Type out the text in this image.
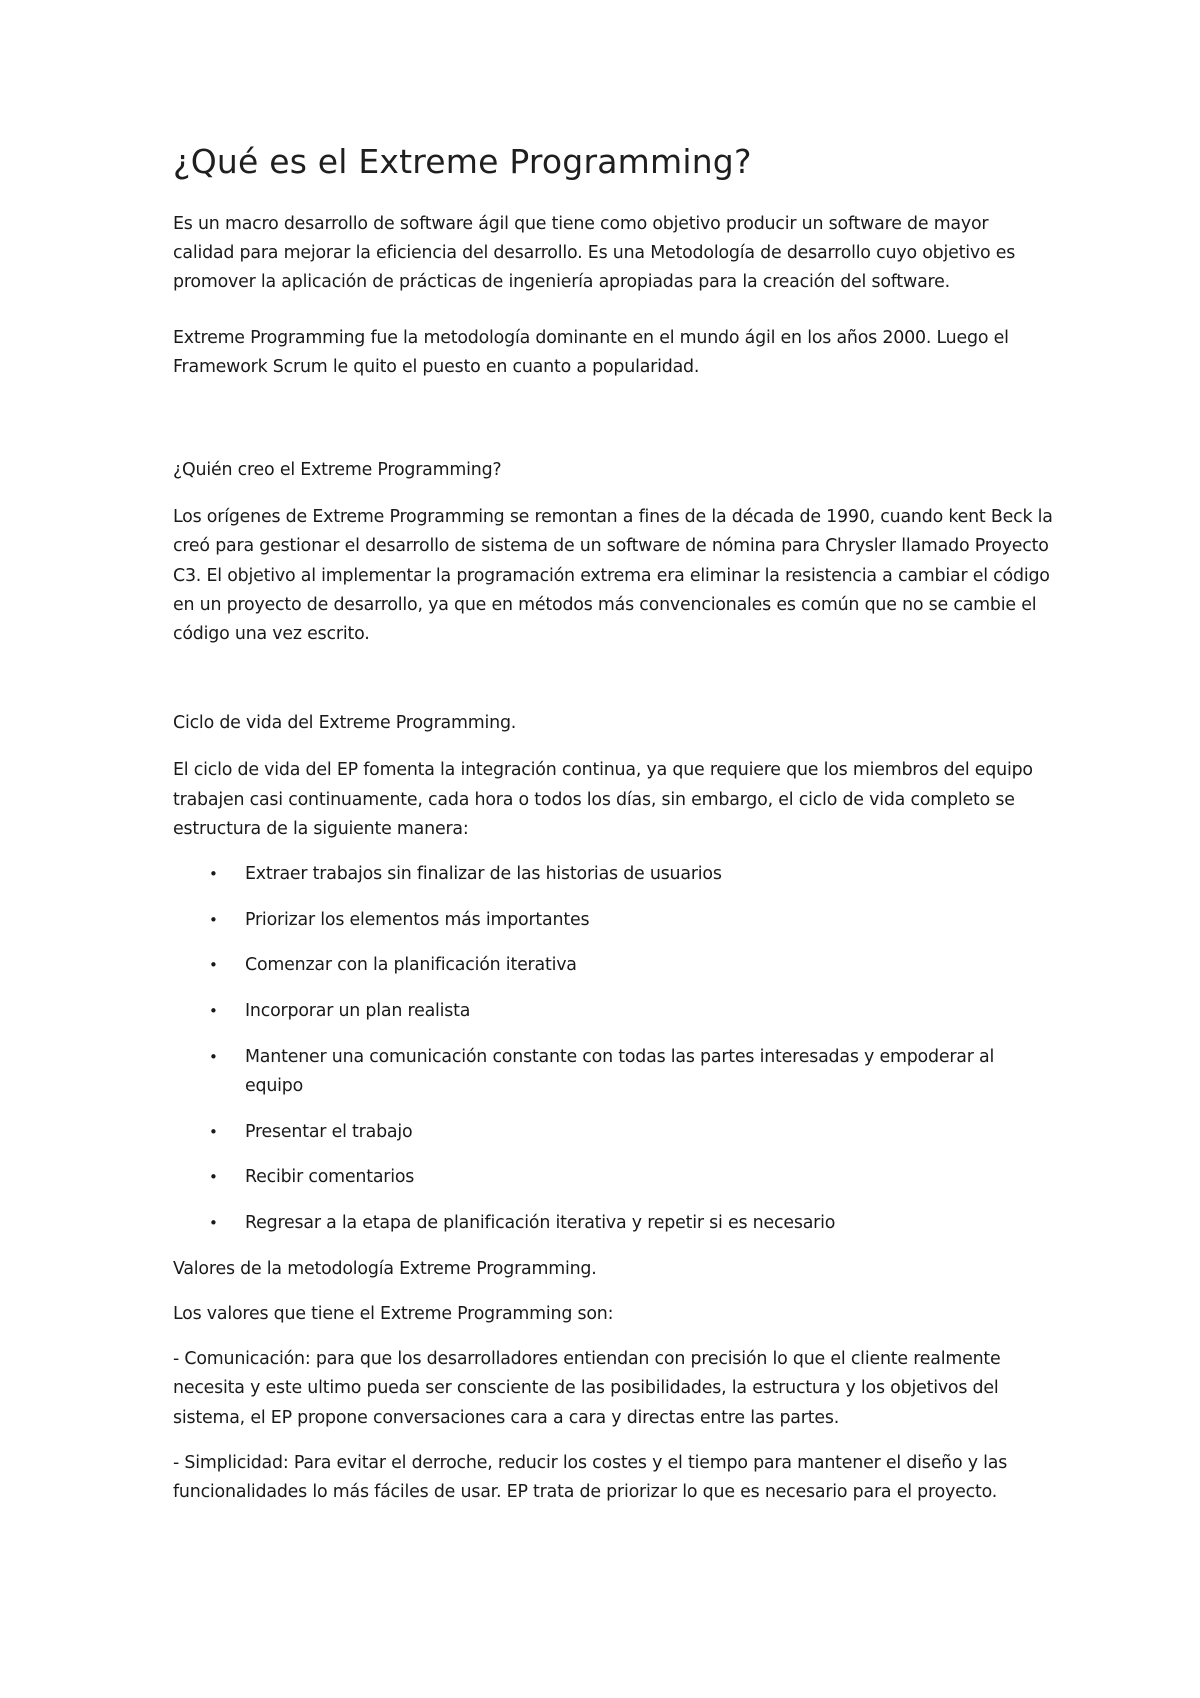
¿Qué es el Extreme Programming?

Es un macro desarrollo de software ágil que tiene como objetivo producir un software de mayor calidad para mejorar la eficiencia del desarrollo. Es una Metodología de desarrollo cuyo objetivo es promover la aplicación de prácticas de ingeniería apropiadas para la creación del software.

Extreme Programming fue la metodología dominante en el mundo ágil en los años 2000. Luego el Framework Scrum le quito el puesto en cuanto a popularidad.

¿Quién creo el Extreme Programming?

Los orígenes de Extreme Programming se remontan a fines de la década de 1990, cuando kent Beck la creó para gestionar el desarrollo de sistema de un software de nómina para Chrysler llamado Proyecto C3. El objetivo al implementar la programación extrema era eliminar la resistencia a cambiar el código en un proyecto de desarrollo, ya que en métodos más convencionales es común que no se cambie el código una vez escrito.

Ciclo de vida del Extreme Programming.

El ciclo de vida del EP fomenta la integración continua, ya que requiere que los miembros del equipo trabajen casi continuamente, cada hora o todos los días, sin embargo, el ciclo de vida completo se estructura de la siguiente manera:

• Extraer trabajos sin finalizar de las historias de usuarios
• Priorizar los elementos más importantes
• Comenzar con la planificación iterativa
• Incorporar un plan realista
• Mantener una comunicación constante con todas las partes interesadas y empoderar al equipo
• Presentar el trabajo
• Recibir comentarios
• Regresar a la etapa de planificación iterativa y repetir si es necesario

Valores de la metodología Extreme Programming.

Los valores que tiene el Extreme Programming son:

- Comunicación: para que los desarrolladores entiendan con precisión lo que el cliente realmente necesita y este ultimo pueda ser consciente de las posibilidades, la estructura y los objetivos del sistema, el EP propone conversaciones cara a cara y directas entre las partes.

- Simplicidad: Para evitar el derroche, reducir los costes y el tiempo para mantener el diseño y las funcionalidades lo más fáciles de usar. EP trata de priorizar lo que es necesario para el proyecto.
